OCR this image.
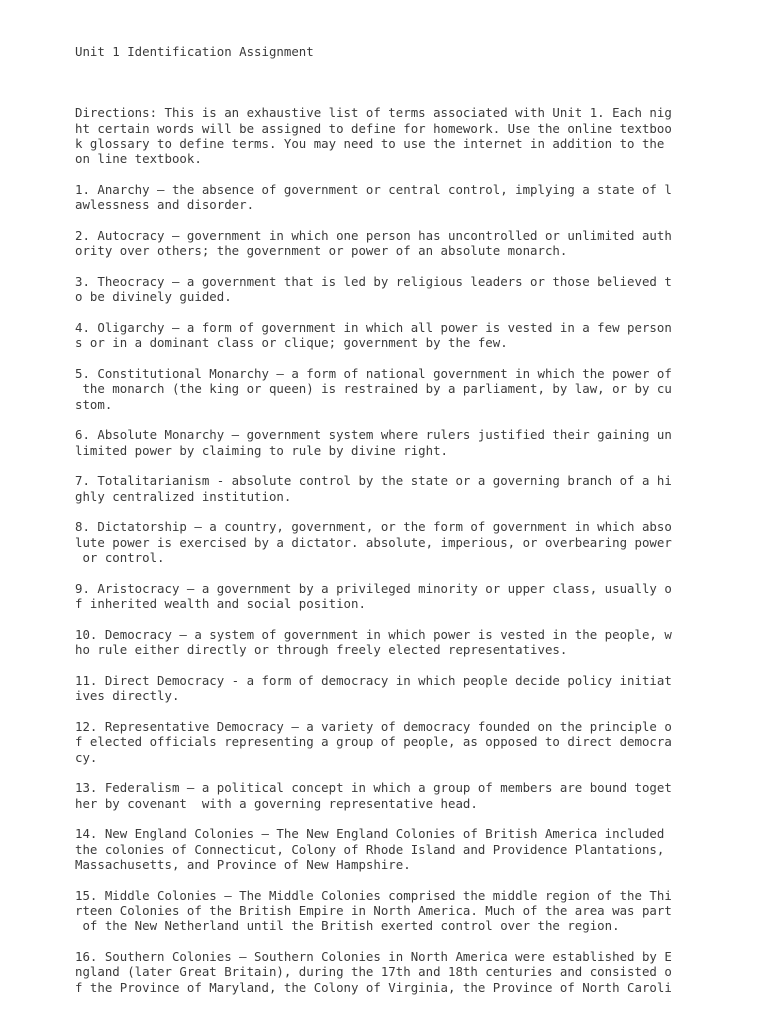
Unit 1 Identification Assignment

Directions: This is an exhaustive list of terms associated with Unit 1. Each nig
ht certain words will be assigned to define for homework. Use the online textboo
k glossary to define terms. You may need to use the internet in addition to the
on line textbook.
1. Anarchy – the absence of government or central control, implying a state of l
awlessness and disorder.
2. Autocracy – government in which one person has uncontrolled or unlimited auth
ority over others; the government or power of an absolute monarch.
3. Theocracy – a government that is led by religious leaders or those believed t
o be divinely guided.
4. Oligarchy – a form of government in which all power is vested in a few person
s or in a dominant class or clique; government by the few.
5. Constitutional Monarchy – a form of national government in which the power of
the monarch (the king or queen) is restrained by a parliament, by law, or by cu
stom.
6. Absolute Monarchy – government system where rulers justified their gaining un
limited power by claiming to rule by divine right.
7. Totalitarianism - absolute control by the state or a governing branch of a hi
ghly centralized institution.
8. Dictatorship – a country, government, or the form of government in which abso
lute power is exercised by a dictator. absolute, imperious, or overbearing power
or control.
9. Aristocracy – a government by a privileged minority or upper class, usually o
f inherited wealth and social position.
10. Democracy – a system of government in which power is vested in the people, w
ho rule either directly or through freely elected representatives.
11. Direct Democracy - a form of democracy in which people decide policy initiat
ives directly.
12. Representative Democracy – a variety of democracy founded on the principle o
f elected officials representing a group of people, as opposed to direct democra
cy.
13. Federalism – a political concept in which a group of members are bound toget
her by covenant  with a governing representative head.
14. New England Colonies – The New England Colonies of British America included
the colonies of Connecticut, Colony of Rhode Island and Providence Plantations,
Massachusetts, and Province of New Hampshire.
15. Middle Colonies – The Middle Colonies comprised the middle region of the Thi
rteen Colonies of the British Empire in North America. Much of the area was part
of the New Netherland until the British exerted control over the region.
16. Southern Colonies – Southern Colonies in North America were established by E
ngland (later Great Britain), during the 17th and 18th centuries and consisted o
f the Province of Maryland, the Colony of Virginia, the Province of North Caroli
